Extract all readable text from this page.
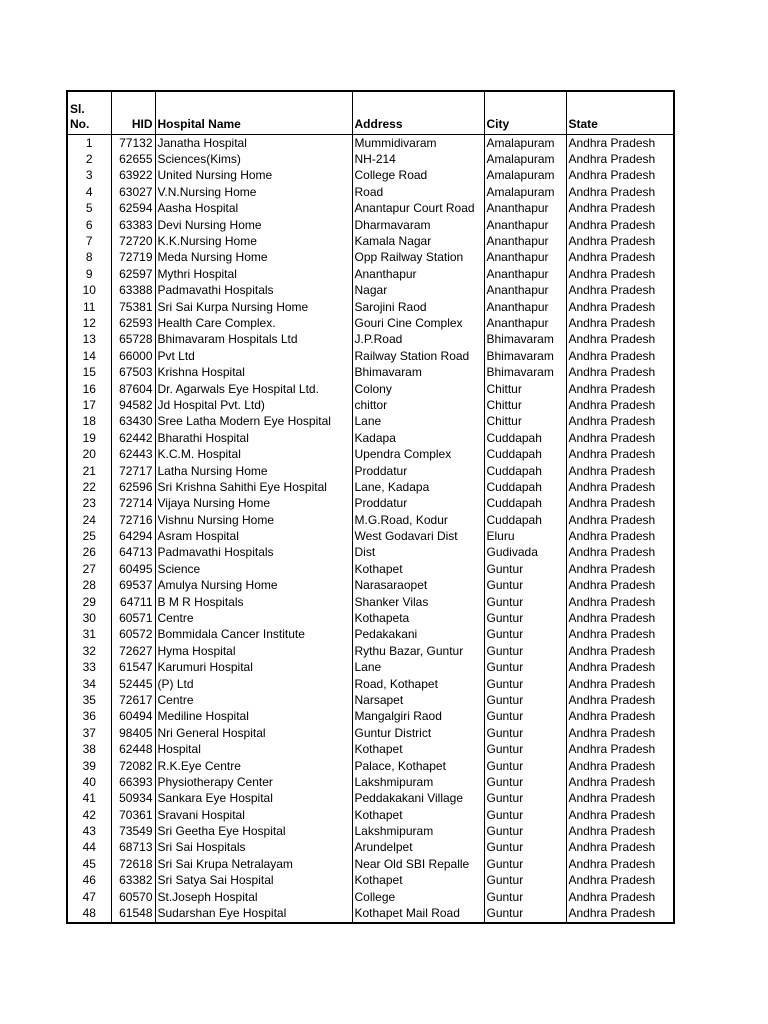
Sl.
No.	HID	Hospital Name	Address	City	State
1	77132	Janatha Hospital	Mummidivaram	Amalapuram	Andhra Pradesh
2	62655	Sciences(Kims)	NH-214	Amalapuram	Andhra Pradesh
3	63922	United Nursing Home	College Road	Amalapuram	Andhra Pradesh
4	63027	V.N.Nursing Home	Road	Amalapuram	Andhra Pradesh
5	62594	Aasha Hospital	Anantapur Court Road	Ananthapur	Andhra Pradesh
6	63383	Devi Nursing Home	Dharmavaram	Ananthapur	Andhra Pradesh
7	72720	K.K.Nursing Home	Kamala Nagar	Ananthapur	Andhra Pradesh
8	72719	Meda Nursing Home	Opp Railway Station	Ananthapur	Andhra Pradesh
9	62597	Mythri Hospital	Ananthapur	Ananthapur	Andhra Pradesh
10	63388	Padmavathi Hospitals	Nagar	Ananthapur	Andhra Pradesh
11	75381	Sri Sai Kurpa Nursing Home	Sarojini Raod	Ananthapur	Andhra Pradesh
12	62593	Health Care Complex.	Gouri Cine Complex	Ananthapur	Andhra Pradesh
13	65728	Bhimavaram Hospitals Ltd	J.P.Road	Bhimavaram	Andhra Pradesh
14	66000	Pvt Ltd	Railway Station Road	Bhimavaram	Andhra Pradesh
15	67503	Krishna Hospital	Bhimavaram	Bhimavaram	Andhra Pradesh
16	87604	Dr. Agarwals Eye Hospital Ltd.	Colony	Chittur	Andhra Pradesh
17	94582	Jd Hospital Pvt. Ltd)	chittor	Chittur	Andhra Pradesh
18	63430	Sree Latha Modern Eye Hospital	Lane	Chittur	Andhra Pradesh
19	62442	Bharathi Hospital	Kadapa	Cuddapah	Andhra Pradesh
20	62443	K.C.M. Hospital	Upendra Complex	Cuddapah	Andhra Pradesh
21	72717	Latha Nursing Home	Proddatur	Cuddapah	Andhra Pradesh
22	62596	Sri Krishna Sahithi Eye Hospital	Lane, Kadapa	Cuddapah	Andhra Pradesh
23	72714	Vijaya Nursing Home	Proddatur	Cuddapah	Andhra Pradesh
24	72716	Vishnu Nursing Home	M.G.Road, Kodur	Cuddapah	Andhra Pradesh
25	64294	Asram Hospital	West Godavari Dist	Eluru	Andhra Pradesh
26	64713	Padmavathi Hospitals	Dist	Gudivada	Andhra Pradesh
27	60495	Science	Kothapet	Guntur	Andhra Pradesh
28	69537	Amulya Nursing Home	Narasaraopet	Guntur	Andhra Pradesh
29	64711	B M R Hospitals	Shanker Vilas	Guntur	Andhra Pradesh
30	60571	Centre	Kothapeta	Guntur	Andhra Pradesh
31	60572	Bommidala Cancer Institute	Pedakakani	Guntur	Andhra Pradesh
32	72627	Hyma Hospital	Rythu Bazar, Guntur	Guntur	Andhra Pradesh
33	61547	Karumuri Hospital	Lane	Guntur	Andhra Pradesh
34	52445	(P) Ltd	Road, Kothapet	Guntur	Andhra Pradesh
35	72617	Centre	Narsapet	Guntur	Andhra Pradesh
36	60494	Mediline Hospital	Mangalgiri Raod	Guntur	Andhra Pradesh
37	98405	Nri General Hospital	Guntur District	Guntur	Andhra Pradesh
38	62448	Hospital	Kothapet	Guntur	Andhra Pradesh
39	72082	R.K.Eye Centre	Palace, Kothapet	Guntur	Andhra Pradesh
40	66393	Physiotherapy Center	Lakshmipuram	Guntur	Andhra Pradesh
41	50934	Sankara Eye Hospital	Peddakakani Village	Guntur	Andhra Pradesh
42	70361	Sravani Hospital	Kothapet	Guntur	Andhra Pradesh
43	73549	Sri Geetha Eye Hospital	Lakshmipuram	Guntur	Andhra Pradesh
44	68713	Sri Sai Hospitals	Arundelpet	Guntur	Andhra Pradesh
45	72618	Sri Sai Krupa Netralayam	Near Old SBI Repalle	Guntur	Andhra Pradesh
46	63382	Sri Satya Sai Hospital	Kothapet	Guntur	Andhra Pradesh
47	60570	St.Joseph Hospital	College	Guntur	Andhra Pradesh
48	61548	Sudarshan Eye Hospital	Kothapet Mail Road	Guntur	Andhra Pradesh
